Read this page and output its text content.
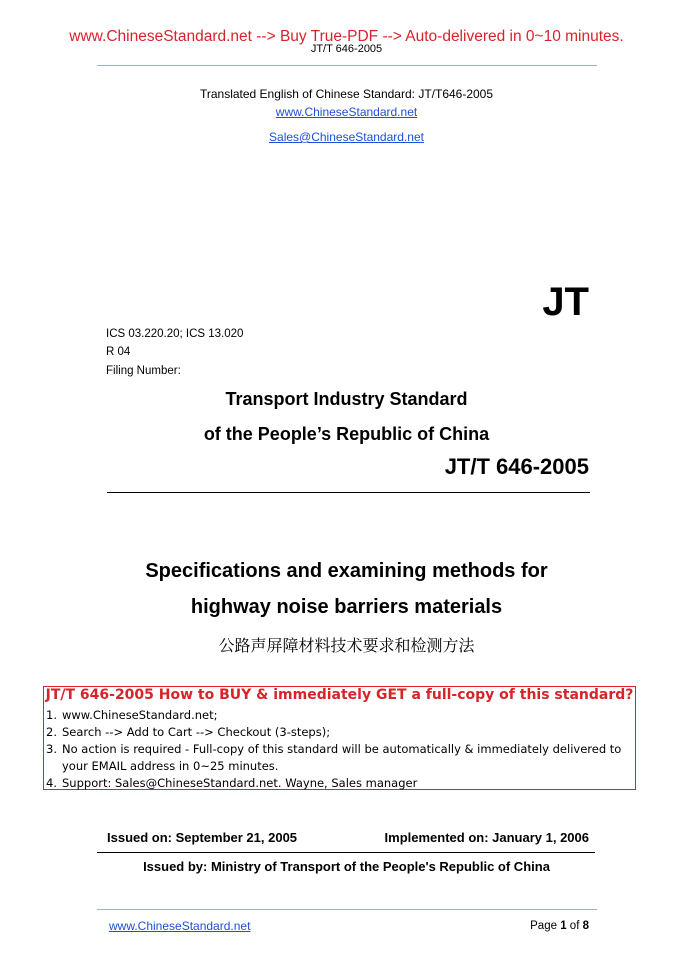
www.ChineseStandard.net --> Buy True-PDF --> Auto-delivered in 0~10 minutes.
JT/T 646-2005
Translated English of Chinese Standard: JT/T646-2005
www.ChineseStandard.net
Sales@ChineseStandard.net
JT
ICS 03.220.20; ICS 13.020
R 04
Filing Number:
Transport Industry Standard
of the People’s Republic of China
JT/T 646-2005
Specifications and examining methods for
highway noise barriers materials
公路声屏障材料技术要求和检测方法
JT/T 646-2005 How to BUY & immediately GET a full-copy of this standard?
1. www.ChineseStandard.net;
2. Search --> Add to Cart --> Checkout (3-steps);
3. No action is required - Full-copy of this standard will be automatically & immediately delivered to your EMAIL address in 0~25 minutes.
4. Support: Sales@ChineseStandard.net. Wayne, Sales manager
Issued on: September 21, 2005	Implemented on: January 1, 2006
Issued by: Ministry of Transport of the People's Republic of China
www.ChineseStandard.net	Page 1 of 8
